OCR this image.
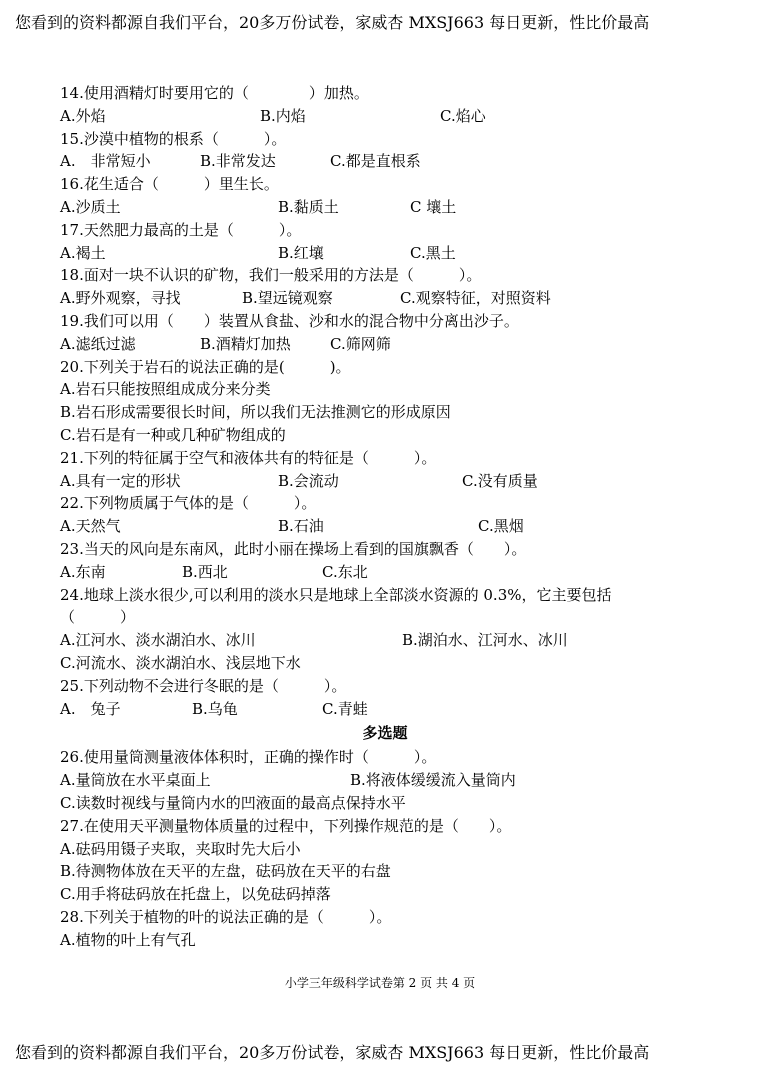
您看到的资料都源自我们平台，20多万份试卷，家威杏 MXSJ663 每日更新，性比价最高
14.使用酒精灯时要用它的（　　　　）加热。
A.外焰	B.内焰	C.焰心
15.沙漠中植物的根系（　　　）。
A.　非常短小	B.非常发达	C.都是直根系
16.花生适合（　　　）里生长。
A.沙质土	B.黏质土	C 壤土
17.天然肥力最高的土是（　　　）。
A.褐土	B.红壤	C.黑土
18.面对一块不认识的矿物，我们一般采用的方法是（　　　）。
A.野外观察，寻找	B.望远镜观察	C.观察特征，对照资料
19.我们可以用（　　）装置从食盐、沙和水的混合物中分离出沙子。
A.滤纸过滤	B.酒精灯加热	C.筛网筛
20.下列关于岩石的说法正确的是(　　　)。
A.岩石只能按照组成成分来分类
B.岩石形成需要很长时间，所以我们无法推测它的形成原因
C.岩石是有一种或几种矿物组成的
21.下列的特征属于空气和液体共有的特征是（　　　）。
A.具有一定的形状	B.会流动	C.没有质量
22.下列物质属于气体的是（　　　）。
A.天然气	B.石油	C.黑烟
23.当天的风向是东南风，此时小丽在操场上看到的国旗飘香（　　）。
A.东南	B.西北	C.东北
24.地球上淡水很少,可以利用的淡水只是地球上全部淡水资源的 0.3%，它主要包括
（　　　）
A.江河水、淡水湖泊水、冰川	B.湖泊水、江河水、冰川
C.河流水、淡水湖泊水、浅层地下水
25.下列动物不会进行冬眠的是（　　　）。
A.　兔子	B.乌龟	C.青蛙
多选题
26.使用量筒测量液体体积时，正确的操作时（　　　）。
A.量筒放在水平桌面上	B.将液体缓缓流入量筒内
C.读数时视线与量筒内水的凹液面的最高点保持水平
27.在使用天平测量物体质量的过程中，下列操作规范的是（　　）。
A.砝码用镊子夹取，夹取时先大后小
B.待测物体放在天平的左盘，砝码放在天平的右盘
C.用手将砝码放在托盘上，以免砝码掉落
28.下列关于植物的叶的说法正确的是（　　　）。
A.植物的叶上有气孔
小学三年级科学试卷第 2 页 共 4 页
您看到的资料都源自我们平台，20多万份试卷，家威杏 MXSJ663 每日更新，性比价最高
